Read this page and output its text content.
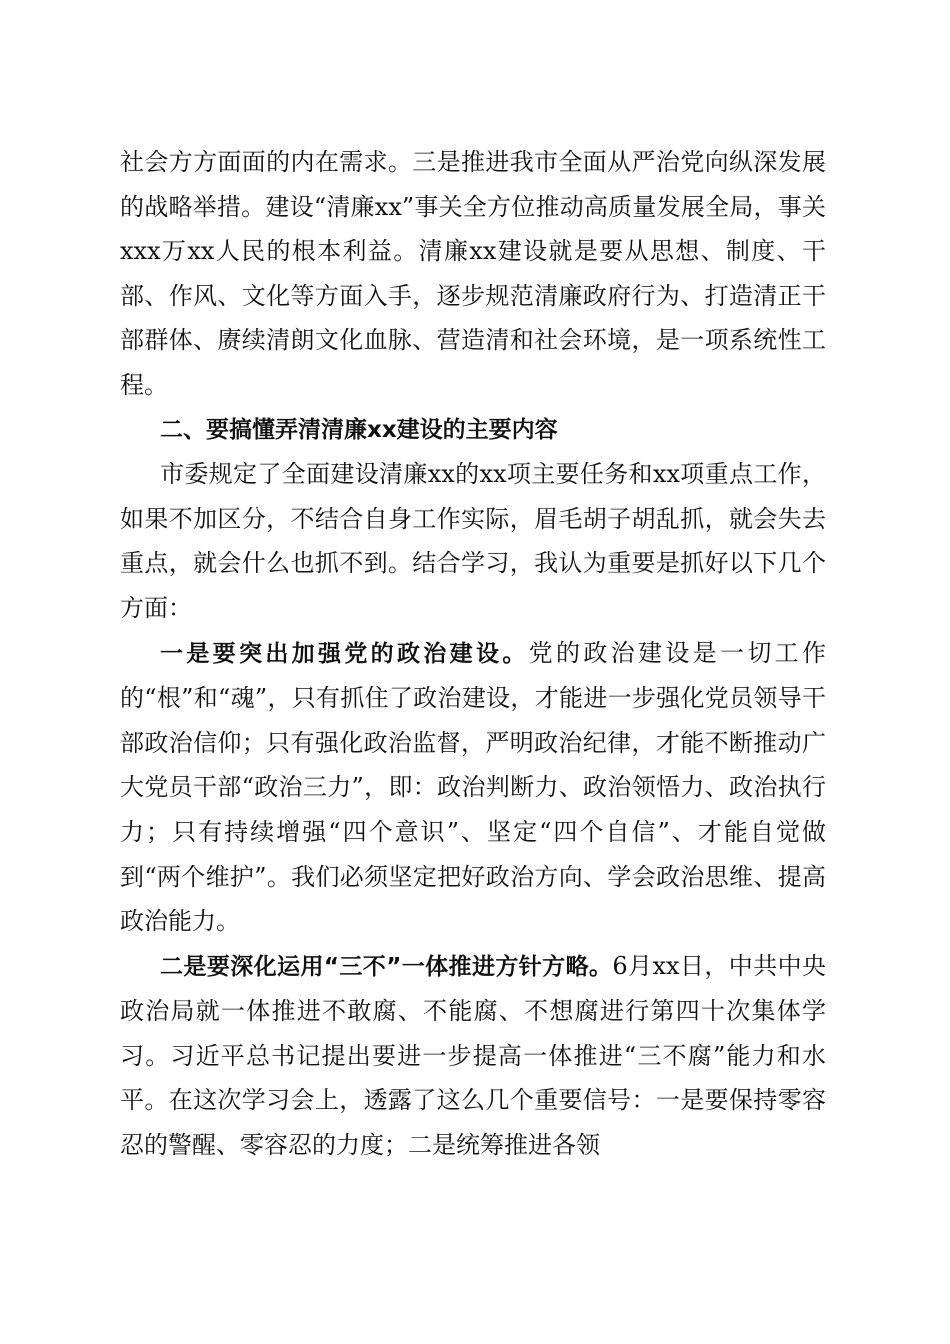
社会方方面面的内在需求。三是推进我市全面从严治党向纵深发展的战略举措。建设“清廉xx”事关全方位推动高质量发展全局，事关xxx万xx人民的根本利益。清廉xx建设就是要从思想、制度、干部、作风、文化等方面入手，逐步规范清廉政府行为、打造清正干部群体、赓续清朗文化血脉、营造清和社会环境，是一项系统性工程。

二、要搞懂弄清清廉xx建设的主要内容

市委规定了全面建设清廉xx的xx项主要任务和xx项重点工作，如果不加区分，不结合自身工作实际，眉毛胡子胡乱抓，就会失去重点，就会什么也抓不到。结合学习，我认为重要是抓好以下几个方面：

一是要突出加强党的政治建设。党的政治建设是一切工作的“根”和“魂”，只有抓住了政治建设，才能进一步强化党员领导干部政治信仰；只有强化政治监督，严明政治纪律，才能不断推动广大党员干部“政治三力”，即：政治判断力、政治领悟力、政治执行力；只有持续增强“四个意识”、坚定“四个自信”、才能自觉做到“两个维护”。我们必须坚定把好政治方向、学会政治思维、提高政治能力。

二是要深化运用“三不”一体推进方针方略。6月xx日，中共中央政治局就一体推进不敢腐、不能腐、不想腐进行第四十次集体学习。习近平总书记提出要进一步提高一体推进“三不腐”能力和水平。在这次学习会上，透露了这么几个重要信号：一是要保持零容忍的警醒、零容忍的力度；二是统筹推进各领
